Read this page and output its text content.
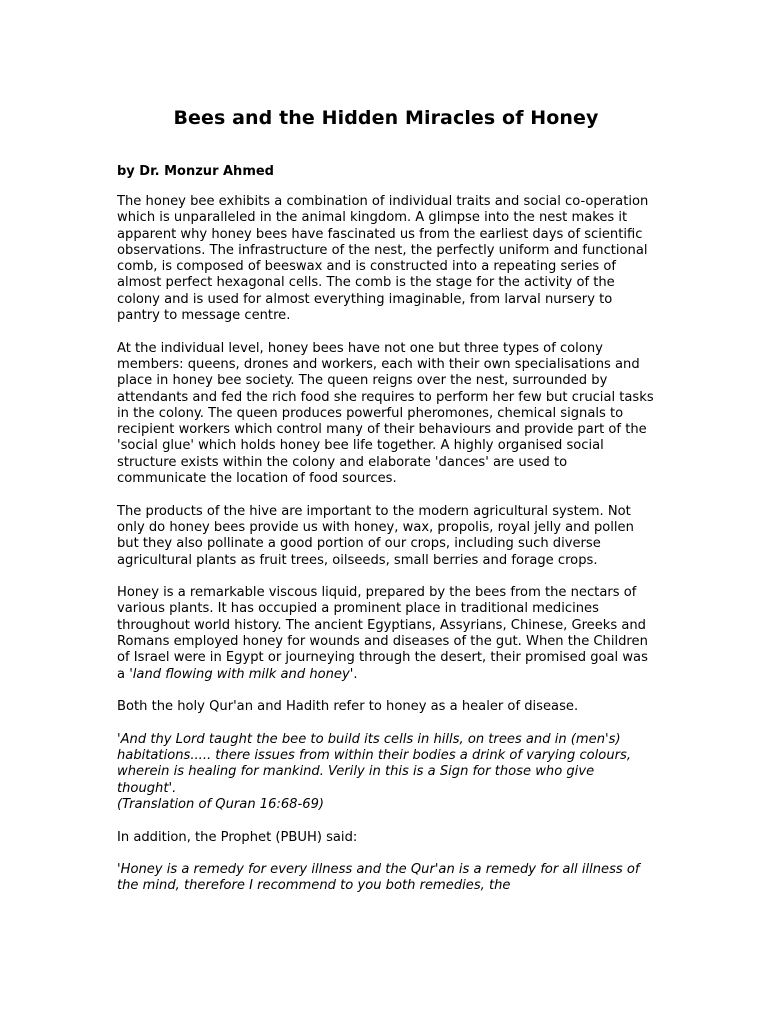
Bees and the Hidden Miracles of Honey

by Dr. Monzur Ahmed

The honey bee exhibits a combination of individual traits and social co-operation which is unparalleled in the animal kingdom. A glimpse into the nest makes it apparent why honey bees have fascinated us from the earliest days of scientific observations. The infrastructure of the nest, the perfectly uniform and functional comb, is composed of beeswax and is constructed into a repeating series of almost perfect hexagonal cells. The comb is the stage for the activity of the colony and is used for almost everything imaginable, from larval nursery to pantry to message centre.

At the individual level, honey bees have not one but three types of colony members: queens, drones and workers, each with their own specialisations and place in honey bee society. The queen reigns over the nest, surrounded by attendants and fed the rich food she requires to perform her few but crucial tasks in the colony. The queen produces powerful pheromones, chemical signals to recipient workers which control many of their behaviours and provide part of the 'social glue' which holds honey bee life together. A highly organised social structure exists within the colony and elaborate 'dances' are used to communicate the location of food sources.

The products of the hive are important to the modern agricultural system. Not only do honey bees provide us with honey, wax, propolis, royal jelly and pollen but they also pollinate a good portion of our crops, including such diverse agricultural plants as fruit trees, oilseeds, small berries and forage crops.

Honey is a remarkable viscous liquid, prepared by the bees from the nectars of various plants. It has occupied a prominent place in traditional medicines throughout world history. The ancient Egyptians, Assyrians, Chinese, Greeks and Romans employed honey for wounds and diseases of the gut. When the Children of Israel were in Egypt or journeying through the desert, their promised goal was a 'land flowing with milk and honey'.

Both the holy Qur'an and Hadith refer to honey as a healer of disease.

'And thy Lord taught the bee to build its cells in hills, on trees and in (men's) habitations..... there issues from within their bodies a drink of varying colours, wherein is healing for mankind. Verily in this is a Sign for those who give thought'.
(Translation of Quran 16:68-69)

In addition, the Prophet (PBUH) said:

'Honey is a remedy for every illness and the Qur'an is a remedy for all illness of the mind, therefore I recommend to you both remedies, the
